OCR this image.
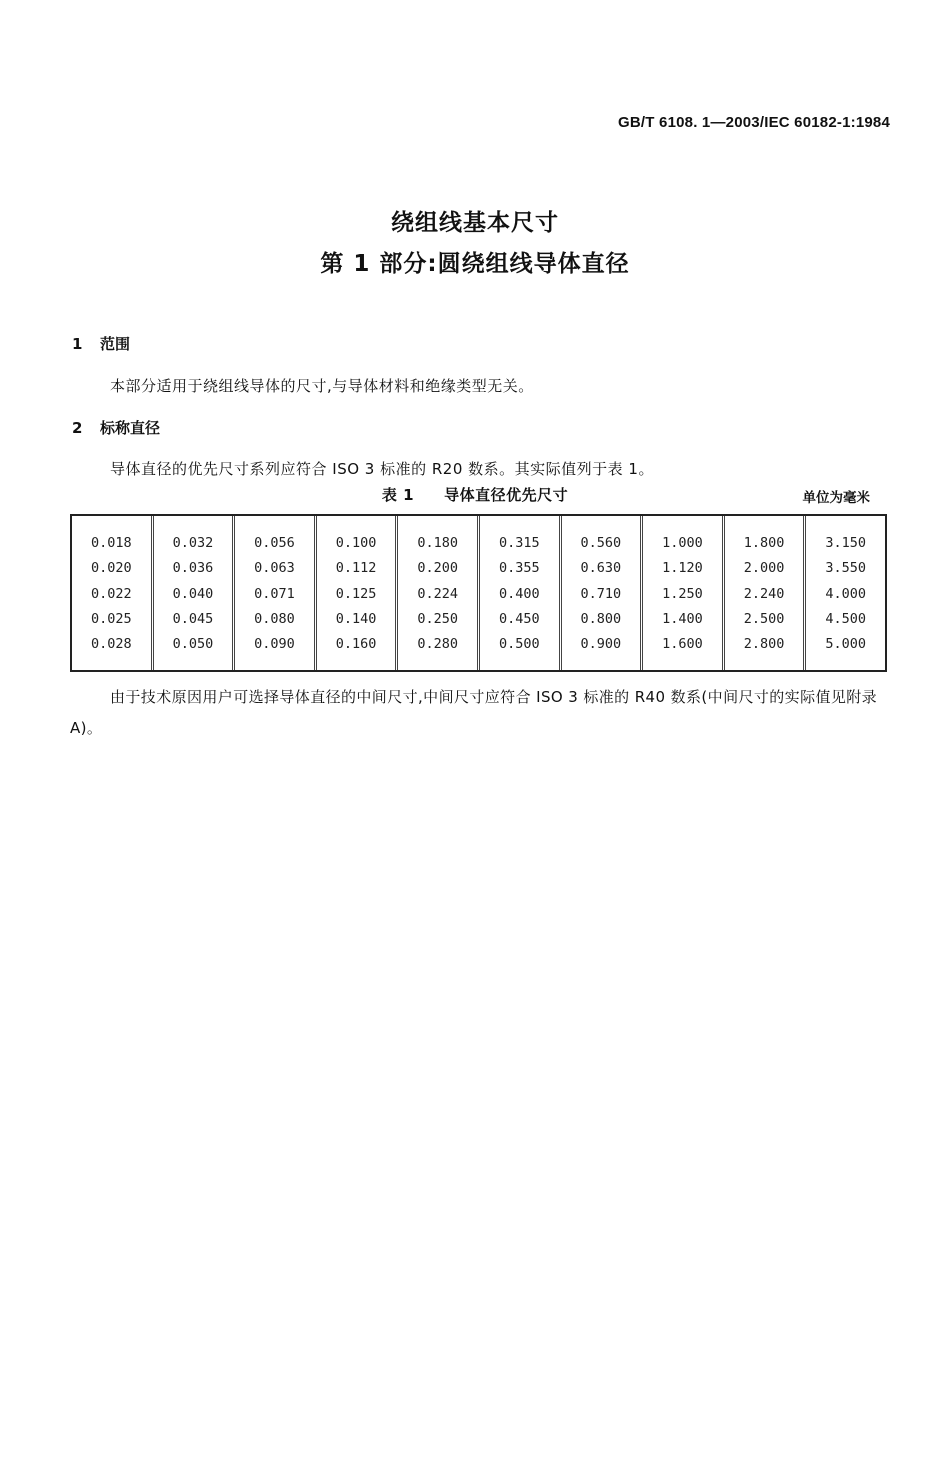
GB/T 6108. 1—2003/IEC 60182-1:1984
绕组线基本尺寸
第 1 部分:圆绕组线导体直径
1 范围
本部分适用于绕组线导体的尺寸,与导体材料和绝缘类型无关。
2 标称直径
导体直径的优先尺寸系列应符合 ISO 3 标准的 R20 数系。其实际值列于表 1。
表 1 导体直径优先尺寸	单位为毫米
0.018
0.020
0.022
0.025
0.028
0.032
0.036
0.040
0.045
0.050
0.056
0.063
0.071
0.080
0.090
0.100
0.112
0.125
0.140
0.160
0.180
0.200
0.224
0.250
0.280
0.315
0.355
0.400
0.450
0.500
0.560
0.630
0.710
0.800
0.900
1.000
1.120
1.250
1.400
1.600
1.800
2.000
2.240
2.500
2.800
3.150
3.550
4.000
4.500
5.000
由于技术原因用户可选择导体直径的中间尺寸,中间尺寸应符合 ISO 3 标准的 R40 数系(中间尺寸的实际值见附录 A)。
